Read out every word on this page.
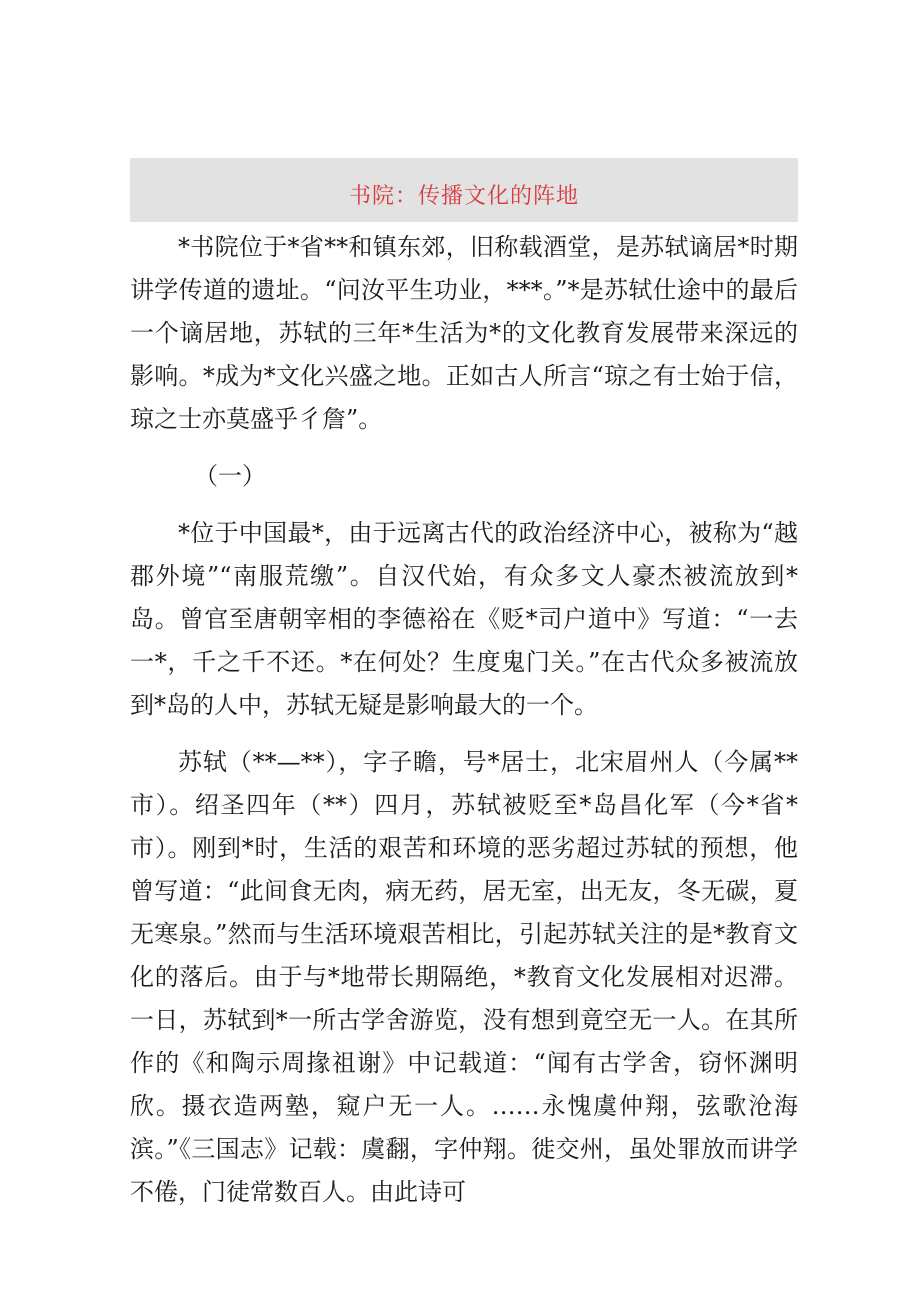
书院：传播文化的阵地

*书院位于*省**和镇东郊，旧称载酒堂，是苏轼谪居*时期讲学传道的遗址。“问汝平生功业，***。”*是苏轼仕途中的最后一个谪居地，苏轼的三年*生活为*的文化教育发展带来深远的影响。*成为*文化兴盛之地。正如古人所言“琼之有士始于信，琼之士亦莫盛乎彳詹”。

（一）

*位于中国最*，由于远离古代的政治经济中心，被称为“越郡外境”“南服荒缴”。自汉代始，有众多文人豪杰被流放到*岛。曾官至唐朝宰相的李德裕在《贬*司户道中》写道：“一去一*，千之千不还。*在何处？生度鬼门关。”在古代众多被流放到*岛的人中，苏轼无疑是影响最大的一个。

苏轼（**—**），字子瞻，号*居士，北宋眉州人（今属**市）。绍圣四年（**）四月，苏轼被贬至*岛昌化军（今*省*市）。刚到*时，生活的艰苦和环境的恶劣超过苏轼的预想，他曾写道：“此间食无肉，病无药，居无室，出无友，冬无碳，夏无寒泉。”然而与生活环境艰苦相比，引起苏轼关注的是*教育文化的落后。由于与*地带长期隔绝，*教育文化发展相对迟滞。一日，苏轼到*一所古学舍游览，没有想到竟空无一人。在其所作的《和陶示周掾祖谢》中记载道：“闻有古学舍，窃怀渊明欣。摄衣造两塾，窥户无一人。……永愧虞仲翔，弦歌沧海滨。”《三国志》记载：虞翻，字仲翔。徙交州，虽处罪放而讲学不倦，门徒常数百人。由此诗可
